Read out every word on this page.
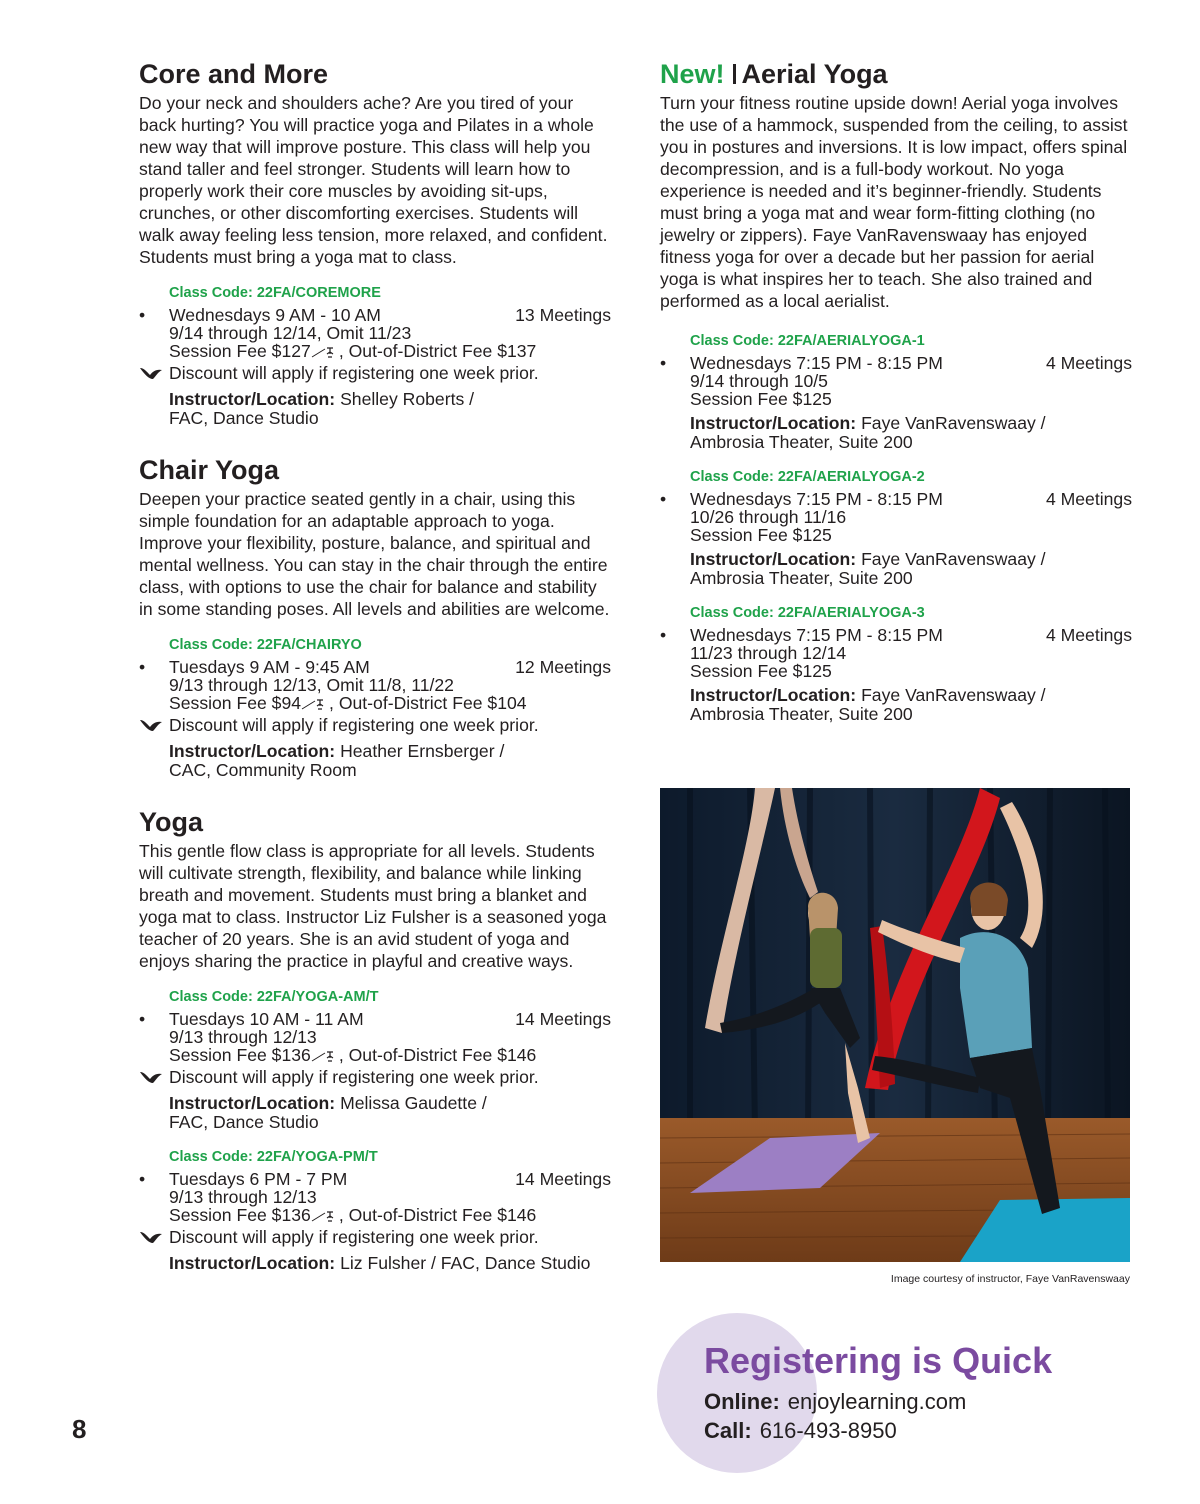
Core and More

Do your neck and shoulders ache? Are you tired of your back hurting? You will practice yoga and Pilates in a whole new way that will improve posture. This class will help you stand taller and feel stronger. Students will learn how to properly work their core muscles by avoiding sit-ups, crunches, or other discomforting exercises. Students will walk away feeling less tension, more relaxed, and confident. Students must bring a yoga mat to class.

Class Code: 22FA/COREMORE
• Wednesdays 9 AM - 10 AM	13 Meetings
9/14 through 12/14, Omit 11/23
Session Fee $127 , Out-of-District Fee $137
Discount will apply if registering one week prior.
Instructor/Location: Shelley Roberts /
FAC, Dance Studio
Chair Yoga

Deepen your practice seated gently in a chair, using this simple foundation for an adaptable approach to yoga. Improve your flexibility, posture, balance, and spiritual and mental wellness. You can stay in the chair through the entire class, with options to use the chair for balance and stability in some standing poses. All levels and abilities are welcome.

Class Code: 22FA/CHAIRYO
• Tuesdays 9 AM - 9:45 AM	12 Meetings
9/13 through 12/13, Omit 11/8, 11/22
Session Fee $94 , Out-of-District Fee $104
Discount will apply if registering one week prior.
Instructor/Location: Heather Ernsberger /
CAC, Community Room
Yoga

This gentle flow class is appropriate for all levels. Students will cultivate strength, flexibility, and balance while linking breath and movement. Students must bring a blanket and yoga mat to class. Instructor Liz Fulsher is a seasoned yoga teacher of 20 years. She is an avid student of yoga and enjoys sharing the practice in playful and creative ways.

Class Code: 22FA/YOGA-AM/T
• Tuesdays 10 AM - 11 AM	14 Meetings
9/13 through 12/13
Session Fee $136 , Out-of-District Fee $146
Discount will apply if registering one week prior.
Instructor/Location: Melissa Gaudette /
FAC, Dance Studio
Class Code: 22FA/YOGA-PM/T
• Tuesdays 6 PM - 7 PM	14 Meetings
9/13 through 12/13
Session Fee $136 , Out-of-District Fee $146
Discount will apply if registering one week prior.
Instructor/Location: Liz Fulsher / FAC, Dance Studio
New! Aerial Yoga

Turn your fitness routine upside down! Aerial yoga involves the use of a hammock, suspended from the ceiling, to assist you in postures and inversions. It is low impact, offers spinal decompression, and is a full-body workout. No yoga experience is needed and it’s beginner-friendly. Students must bring a yoga mat and wear form-fitting clothing (no jewelry or zippers). Faye VanRavenswaay has enjoyed fitness yoga for over a decade but her passion for aerial yoga is what inspires her to teach. She also trained and performed as a local aerialist.

Class Code: 22FA/AERIALYOGA-1
• Wednesdays 7:15 PM - 8:15 PM	4 Meetings
9/14 through 10/5
Session Fee $125
Instructor/Location: Faye VanRavenswaay /
Ambrosia Theater, Suite 200
Class Code: 22FA/AERIALYOGA-2
• Wednesdays 7:15 PM - 8:15 PM	4 Meetings
10/26 through 11/16
Session Fee $125
Instructor/Location: Faye VanRavenswaay /
Ambrosia Theater, Suite 200
Class Code: 22FA/AERIALYOGA-3
• Wednesdays 7:15 PM - 8:15 PM	4 Meetings
11/23 through 12/14
Session Fee $125
Instructor/Location: Faye VanRavenswaay /
Ambrosia Theater, Suite 200
Image courtesy of instructor, Faye VanRavenswaay
Registering is Quick
Online: enjoylearning.com
Call: 616-493-8950
8
